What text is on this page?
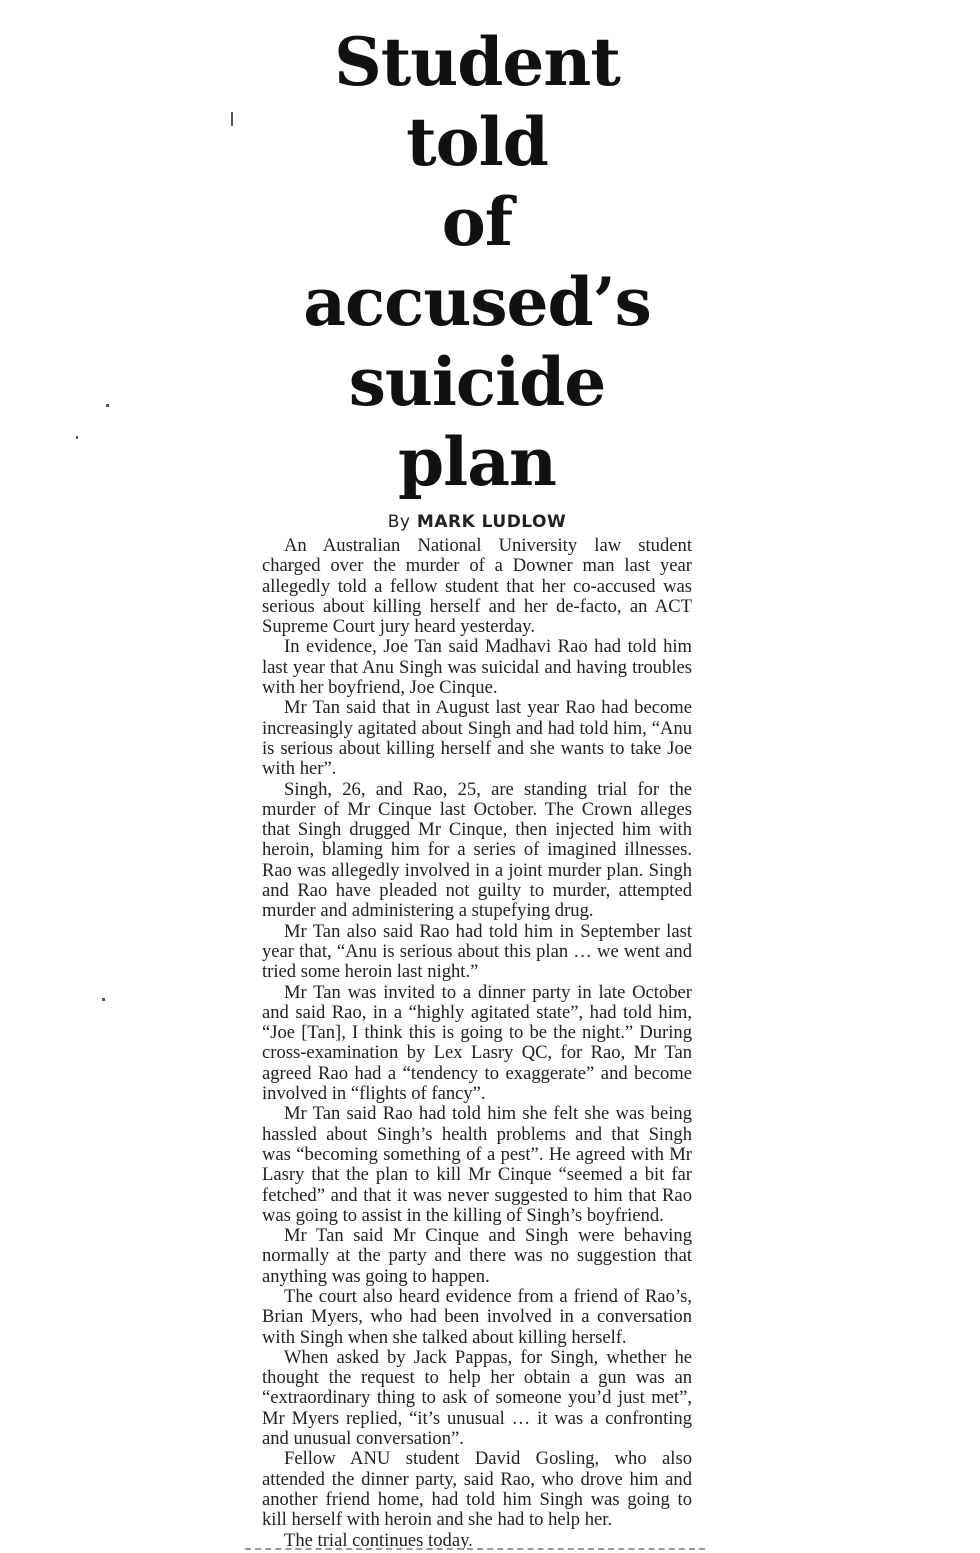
Student told
of accused’s
suicide plan
By MARK LUDLOW

An Australian National University law student charged over the murder of a Downer man last year allegedly told a fellow student that her co-accused was serious about killing herself and her de-facto, an ACT Supreme Court jury heard yesterday.

In evidence, Joe Tan said Madhavi Rao had told him last year that Anu Singh was suicidal and having troubles with her boyfriend, Joe Cinque.

Mr Tan said that in August last year Rao had become increasingly agitated about Singh and had told him, “Anu is serious about killing herself and she wants to take Joe with her”.

Singh, 26, and Rao, 25, are standing trial for the murder of Mr Cinque last October. The Crown alleges that Singh drugged Mr Cinque, then injected him with heroin, blaming him for a series of imagined illnesses. Rao was allegedly involved in a joint murder plan. Singh and Rao have pleaded not guilty to murder, attempted murder and administering a stupefying drug.

Mr Tan also said Rao had told him in September last year that, “Anu is serious about this plan … we went and tried some heroin last night.”

Mr Tan was invited to a dinner party in late October and said Rao, in a “highly agitated state”, had told him, “Joe [Tan], I think this is going to be the night.” During cross-examination by Lex Lasry QC, for Rao, Mr Tan agreed Rao had a “tendency to exaggerate” and become involved in “flights of fancy”.

Mr Tan said Rao had told him she felt she was being hassled about Singh’s health problems and that Singh was “becoming something of a pest”. He agreed with Mr Lasry that the plan to kill Mr Cinque “seemed a bit far fetched” and that it was never suggested to him that Rao was going to assist in the killing of Singh’s boyfriend.

Mr Tan said Mr Cinque and Singh were behaving normally at the party and there was no suggestion that anything was going to happen.

The court also heard evidence from a friend of Rao’s, Brian Myers, who had been involved in a conversation with Singh when she talked about killing herself.

When asked by Jack Pappas, for Singh, whether he thought the request to help her obtain a gun was an “extraordinary thing to ask of someone you’d just met”, Mr Myers replied, “it’s unusual … it was a confronting and unusual conversation”.

Fellow ANU student David Gosling, who also attended the dinner party, said Rao, who drove him and another friend home, had told him Singh was going to kill herself with heroin and she had to help her.

The trial continues today.
